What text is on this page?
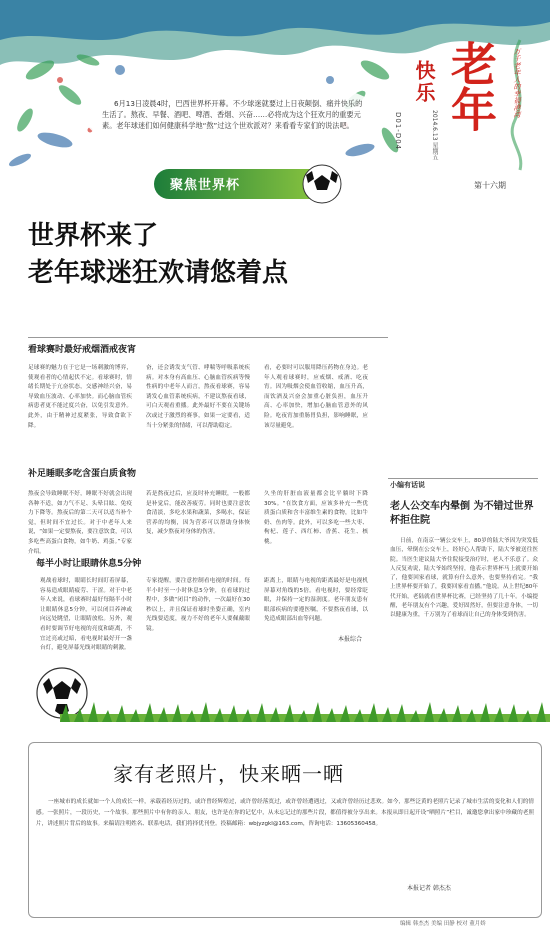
快乐 老年 万千老年人的幸福港湾
2014.6.13 星期五
D01-D04
第十六期

6月13日凌晨4时，巴西世界杯开幕。不少球迷就要过上日夜颠倒、痛并快乐的生活了。熬夜、早餐、酒吧、啤酒、香烟、兴奋……必将成为这个狂欢月的重要元素。老年球迷们如何健康科学地“熬”过这个世欢派对？来看看专家们的说法吧。

聚焦世界杯
世界杯来了
老年球迷狂欢请悠着点
看球赛时最好戒烟酒戒夜宵
足球赛的魅力在于它是一场刺激的博弈，使观看者的心情起伏不定。看球赛时，情绪长期处于亢奋状态，交感神经兴奋，易导致血压波动、心率加快。而心脑血管疾病患者更不能过度兴奋，以免引发意外。此外，由于精神过度紧张，导致食欲下降。
奋，还会诱发支气管、哮喘等呼吸系统疾病。对本身有高血压、心脑血管疾病等慢性病的中老年人而言，熬夜看球赛，容易诱发心血管系统疾病，不建议熬夜看球，可白天观看重播。此外最好不要在关键场次或过于激烈的赛事，如果一定要看，适当十分紧张的情绪，可以帮助稳定。
看，必要时可以服用降压药物在身边。老年人观看球赛时，应戒烟、戒酒、吃夜宵。因为吸烟会使血管收缩，血压升高，而饮酒及兴奋会加重心脏负担，血压升高、心率加快，增加心脑血管意外的风险。吃夜宵加重肠胃负担，影响睡眠，应该尽量避免。
补足睡眠多吃含蛋白质食物
熬夜会导致睡眠不好，睡眠不好就会出现各种不适，如力气不足、头晕目眩、免疫力下降等。熬夜后的第二天可以适当补个觉，但时间不宜过长。对于中老年人来说，“如果一定要熬夜，要注意饮食，可以多吃些高蛋白食物，如牛奶、鸡蛋。”专家介绍。
若是熬夜过后，应及时补充睡眠，一般都是补觉后，能改善疲劳。同时也要注意饮食清淡，多吃水果和蔬菜，多喝水，保证营养的均衡，因为营养可以帮助身体恢复，减少熬夜对身体的伤害。
久坐的肝脏血液量都会比平躺时下降30%。“在饮食方面，应该多补充一些优质蛋白质和含丰富维生素的食物，比如牛奶、鱼肉等。此外，可以多吃一些大枣、枸杞、莲子、西红柿、香蕉、花生、核桃。
每半小时让眼睛休息5分钟
观战看球时，眼睛长时间盯着屏幕，容易造成眼睛疲劳、干涩。对于中老年人来说，看球赛时最好每隔半小时让眼睛休息5分钟，可以闭目养神或向远处眺望，让眼睛放松。另外，观看时要调节好电视的亮度和距离，不宜过亮或过暗，看电视时最好开一盏台灯，避免屏幕光线对眼睛的刺激。
专家提醒，要注意控制看电视的时间。每半小时至一小时休息5分钟，在看球的过程中，多做“闭目”的动作，一次最好在30秒以上，并且保证看球时坐姿正确，室内光线要适度，视力不好的老年人要佩戴眼镜。
距离上，眼睛与电视的距离最好是电视机屏幕对角线的5倍。看电视时，要经常眨眼，并保持一定的湿润度。老年朋友患有眼部疾病的要遵医嘱，不要熬夜看球，以免造成眼部出血等问题。
本报综合
小编有话说
老人公交车内晕倒 为不错过世界杯拒住院
日前，在南京一辆公交车上，80岁的陆大爷因为突发低血压，晕倒在公交车上，经好心人帮助下，陆大爷被送往医院。当医生建议陆大爷住院接受治疗时，老人不乐意了。众人反复劝说，陆大爷始终坚持，他表示世界杯马上就要开始了，他要回家看球，就算有什么意外，也要坚持看完。“我上世界杯要开始了，我要回家看直播。”他说。从上世纪80年代开始，老陆就看世界杯比赛，已经坚持了几十年。小编提醒，老年朋友有个兴趣，爱好固然好，但要注意身体，一切以健康为重，千万别为了看球而让自己的身体受到伤害。
家有老照片，快来晒一晒
一座城市的成长就如一个人的成长一样，承载着经历过的，或许曾经辉煌过，或许曾经落寞过，或许曾经遭遇过，又或许曾经历过悲欢。如今，那些泛黄的老照片记录了城市生活的变化和人们的情感。一张照片，一段历史，一个故事。那些照片中有你的亲人、朋友，也许是在你的记忆中，从未忘记过的那些片段，都值得被分享出来。本报从即日起开设“晒照片”栏目，诚邀您拿出家中珍藏的老照片，讲述照片背后的故事。来稿请注明姓名、联系电话，我们将择优刊登。投稿邮箱：wbjyzgkl@163.com，咨询电话：13605360458。
本报记者 韩杰杰
编辑 韩杰杰 美编 田静 校对 董月娇
